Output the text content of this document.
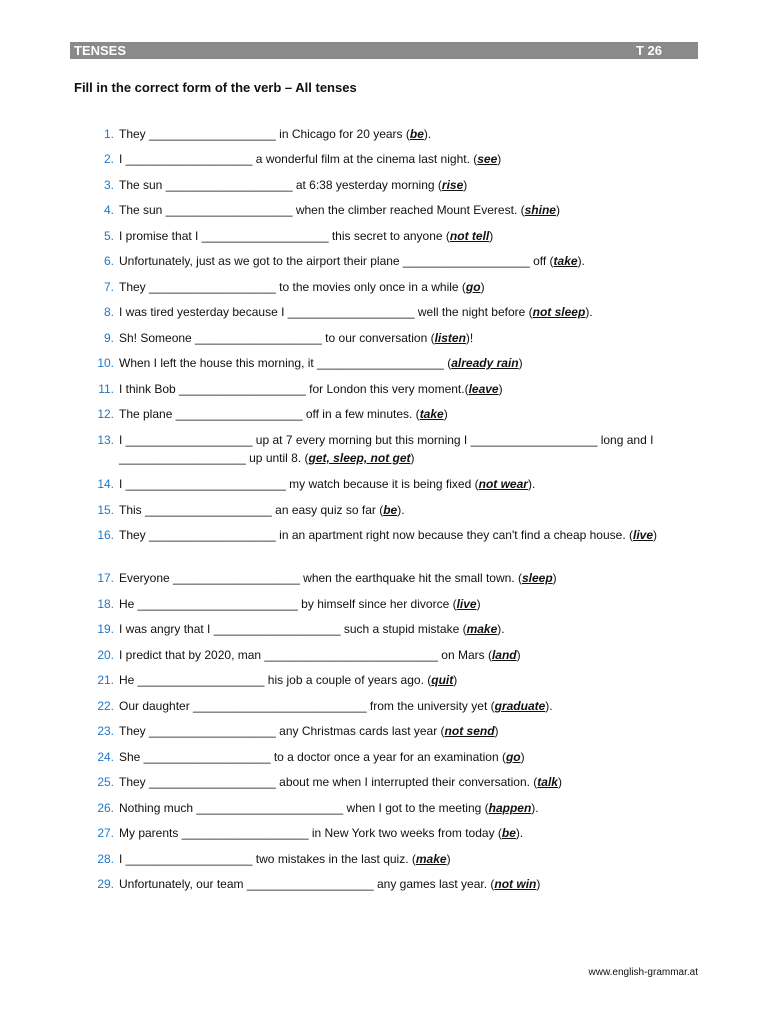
TENSES	T 26
Fill in the correct form of the verb – All tenses
1. They ___________________ in Chicago for 20 years (be).
2. I ___________________ a wonderful film at the cinema last night. (see)
3. The sun ___________________ at 6:38 yesterday morning (rise)
4. The sun ___________________ when the climber reached Mount Everest. (shine)
5. I promise that I ___________________ this secret to anyone (not tell)
6. Unfortunately, just as we got to the airport their plane ___________________ off (take).
7. They ___________________ to the movies only once in a while (go)
8. I was tired yesterday because I ___________________ well the night before (not sleep).
9. Sh! Someone ___________________ to our conversation (listen)!
10. When I left the house this morning, it ___________________ (already rain)
11. I think Bob ___________________ for London this very moment.(leave)
12. The plane ___________________ off in a few minutes. (take)
13. I ___________________ up at 7 every morning but this morning I ___________________ long and I ___________________ up until 8. (get, sleep, not get)
14. I ________________________ my watch because it is being fixed (not wear).
15. This ___________________ an easy quiz so far (be).
16. They ___________________ in an apartment right now because they can't find a cheap house. (live)
17. Everyone ___________________ when the earthquake hit the small town. (sleep)
18. He ________________________ by himself since her divorce (live)
19. I was angry that I ___________________ such a stupid mistake (make).
20. I predict that by 2020, man __________________________ on Mars (land)
21. He ___________________ his job a couple of years ago. (quit)
22. Our daughter __________________________ from the university yet (graduate).
23. They ___________________ any Christmas cards last year (not send)
24. She ___________________ to a doctor once a year for an examination (go)
25. They ___________________ about me when I interrupted their conversation. (talk)
26. Nothing much ______________________ when I got to the meeting (happen).
27. My parents ___________________ in New York two weeks from today (be).
28. I ___________________ two mistakes in the last quiz. (make)
29. Unfortunately, our team ___________________ any games last year. (not win)
www.english-grammar.at
